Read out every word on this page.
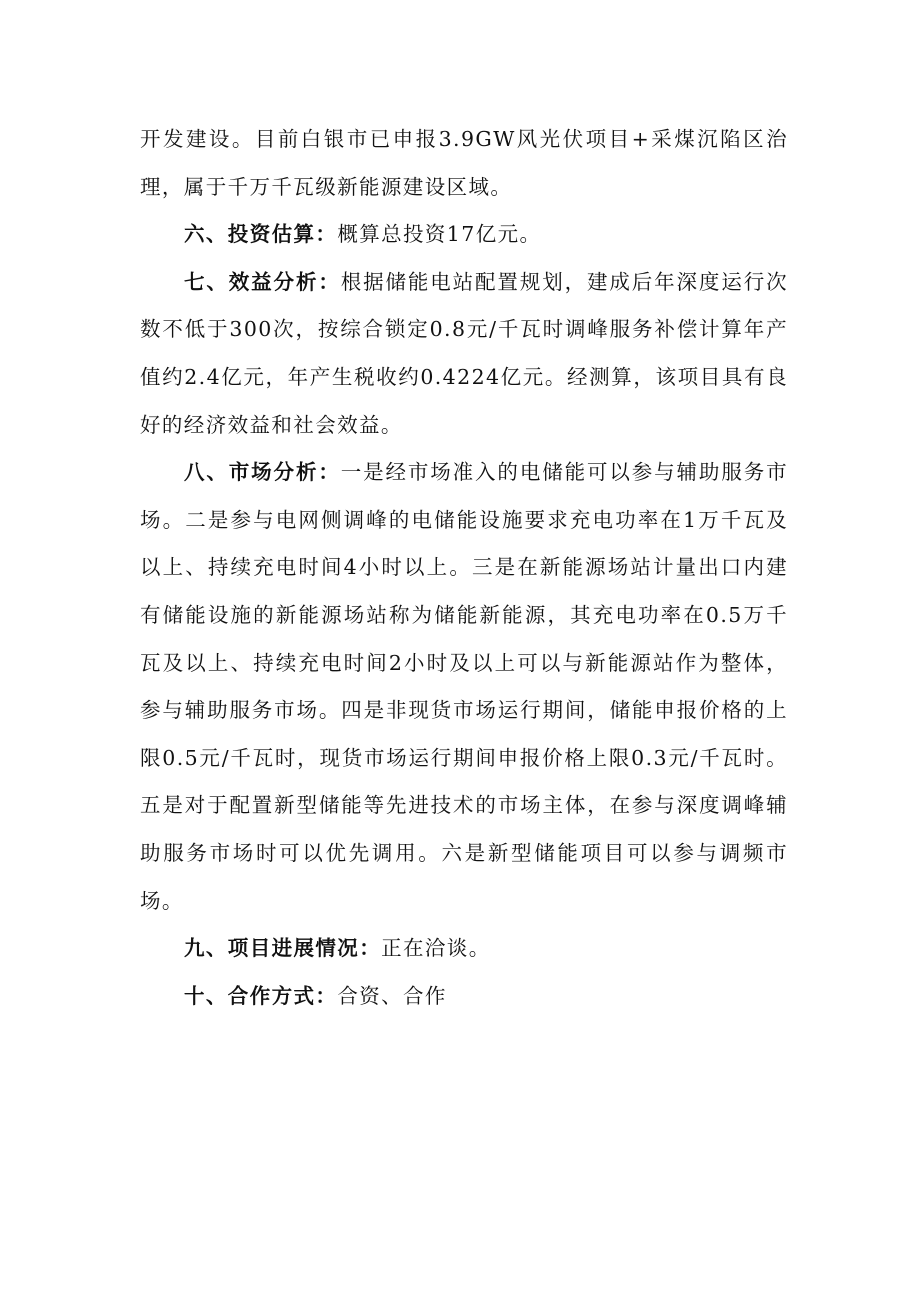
开发建设。目前白银市已申报3.9GW风光伏项目+采煤沉陷区治理，属于千万千瓦级新能源建设区域。

六、投资估算：概算总投资17亿元。

七、效益分析：根据储能电站配置规划，建成后年深度运行次数不低于300次，按综合锁定0.8元/千瓦时调峰服务补偿计算年产值约2.4亿元，年产生税收约0.4224亿元。经测算，该项目具有良好的经济效益和社会效益。

八、市场分析：一是经市场准入的电储能可以参与辅助服务市场。二是参与电网侧调峰的电储能设施要求充电功率在1万千瓦及以上、持续充电时间4小时以上。三是在新能源场站计量出口内建有储能设施的新能源场站称为储能新能源，其充电功率在0.5万千瓦及以上、持续充电时间2小时及以上可以与新能源站作为整体，参与辅助服务市场。四是非现货市场运行期间，储能申报价格的上限0.5元/千瓦时，现货市场运行期间申报价格上限0.3元/千瓦时。五是对于配置新型储能等先进技术的市场主体，在参与深度调峰辅助服务市场时可以优先调用。六是新型储能项目可以参与调频市场。

九、项目进展情况：正在洽谈。

十、合作方式：合资、合作
